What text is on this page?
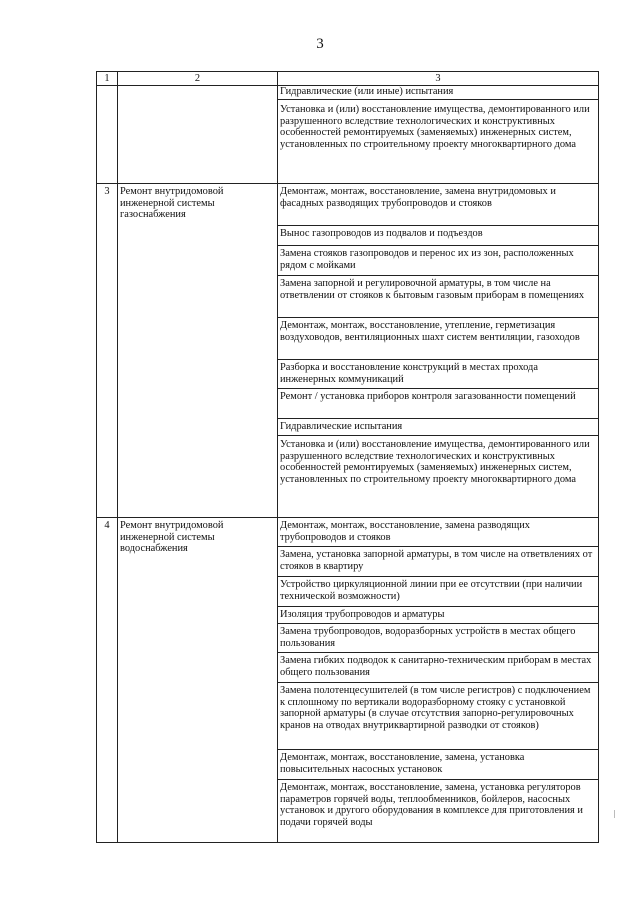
3
1	2	3
		Гидравлические (или иные) испытания
		Установка и (или) восстановление имущества, демонтированного или разрушенного вследствие технологических и конструктивных особенностей ремонтируемых (заменяемых) инженерных систем, установленных по строительному проекту многоквартирного дома
3	Ремонт внутридомовой инженерной системы газоснабжения	Демонтаж, монтаж, восстановление, замена внутридомовых и фасадных разводящих трубопроводов и стояков
		Вынос газопроводов из подвалов и подъездов
		Замена стояков газопроводов и перенос их из зон, расположенных рядом с мойками
		Замена запорной и регулировочной арматуры, в том числе на ответвлении от стояков к бытовым газовым приборам в помещениях
		Демонтаж, монтаж, восстановление, утепление, герметизация воздуховодов, вентиляционных шахт систем вентиляции, газоходов
		Разборка и восстановление конструкций в местах прохода инженерных коммуникаций
		Ремонт / установка приборов контроля загазованности помещений
		Гидравлические испытания
		Установка и (или) восстановление имущества, демонтированного или разрушенного вследствие технологических и конструктивных особенностей ремонтируемых (заменяемых) инженерных систем, установленных по строительному проекту многоквартирного дома
4	Ремонт внутридомовой инженерной системы водоснабжения	Демонтаж, монтаж, восстановление, замена разводящих трубопроводов и стояков
		Замена, установка запорной арматуры, в том числе на ответвлениях от стояков в квартиру
		Устройство циркуляционной линии при ее отсутствии (при наличии технической возможности)
		Изоляция трубопроводов и арматуры
		Замена трубопроводов, водоразборных устройств в местах общего пользования
		Замена гибких подводок к санитарно-техническим приборам в местах общего пользования
		Замена полотенцесушителей (в том числе регистров) с подключением к сплошному по вертикали водоразборному стояку с установкой запорной арматуры (в случае отсутствия запорно-регулировочных кранов на отводах внутриквартирной разводки от стояков)
		Демонтаж, монтаж, восстановление, замена, установка повысительных насосных установок
		Демонтаж, монтаж, восстановление, замена, установка регуляторов параметров горячей воды, теплообменников, бойлеров, насосных установок и другого оборудования в комплексе для приготовления и подачи горячей воды
